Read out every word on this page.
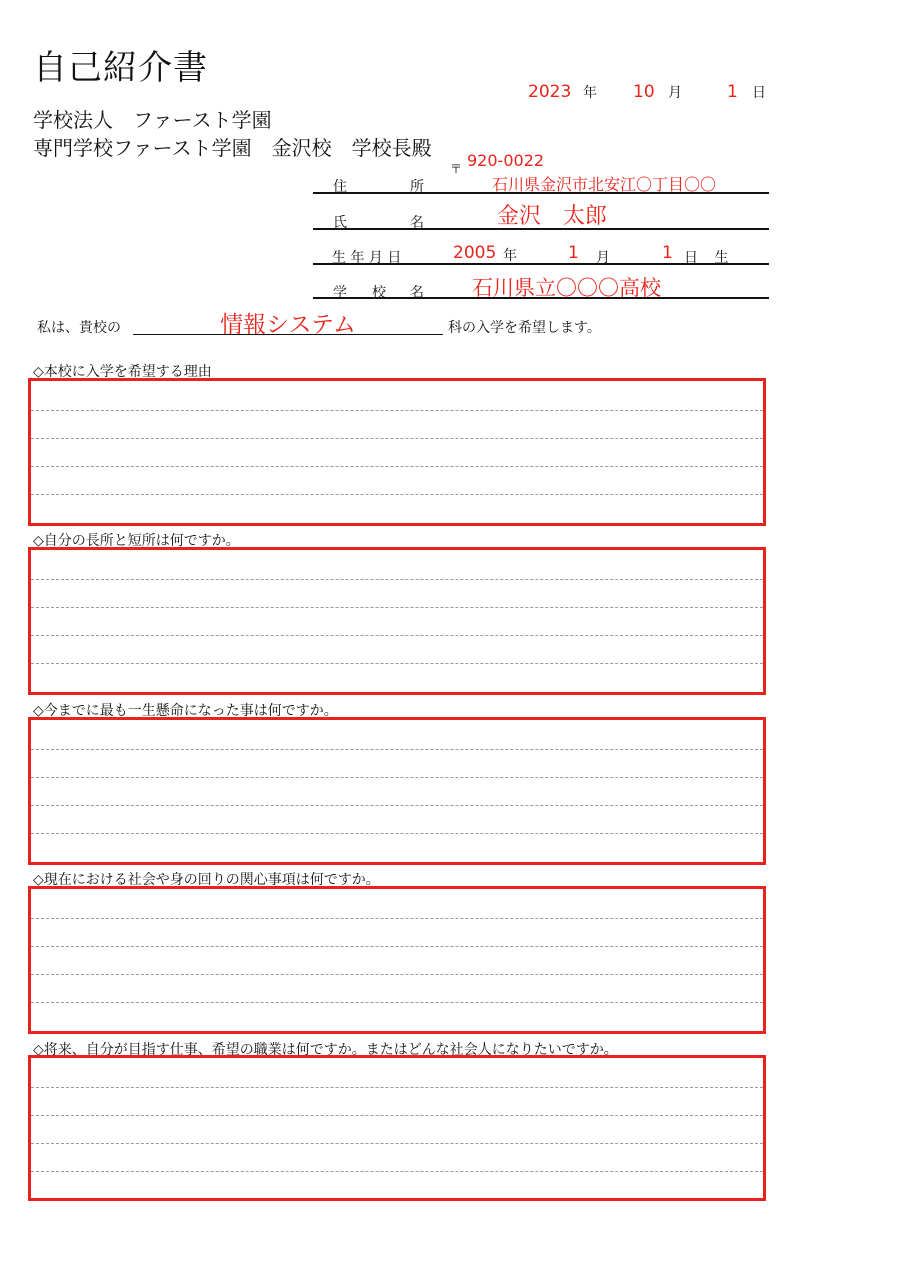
自己紹介書
2023 年 10 月	1 日
学校法人　ファースト学園
専門学校ファースト学園　金沢校　学校長殿
〒 920-0022
住	所	石川県金沢市北安江〇丁目〇〇
氏	名	金沢　太郎
生 年 月 日	2005 年	1 月	1 日 生
学 校 名 石川県立〇〇〇高校
私は、貴校の	情報システム	科の入学を希望します。
◇本校に入学を希望する理由
◇自分の長所と短所は何ですか。
◇今までに最も一生懸命になった事は何ですか。
◇現在における社会や身の回りの関心事項は何ですか。
◇将来、自分が目指す仕事、希望の職業は何ですか。またはどんな社会人になりたいですか。
